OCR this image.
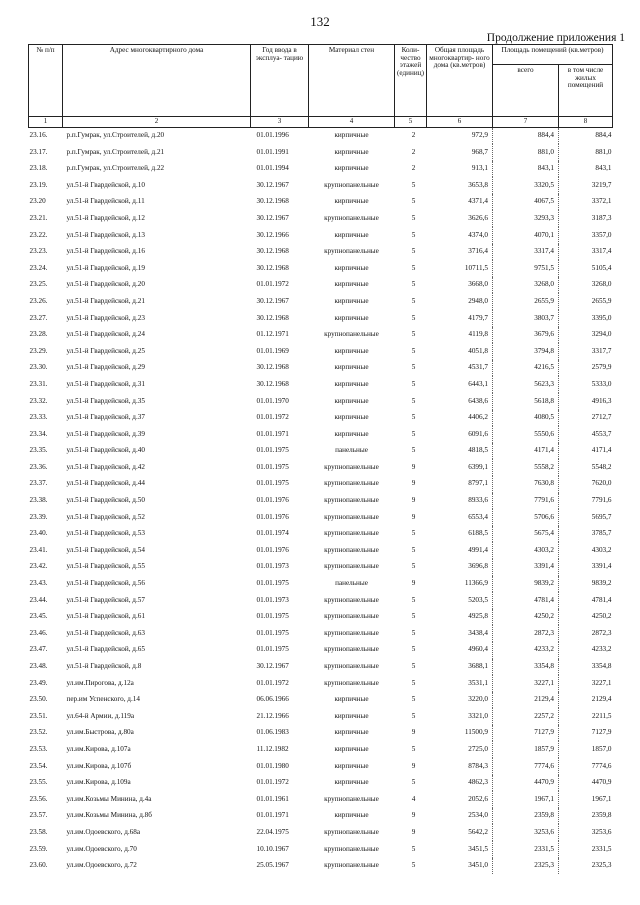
132
Продолжение приложения 1
№ п/п	Адрес многоквартирного дома	Год ввода в эксплуа- тацию	Материал стен	Коли- чество этажей (единиц)	Общая площадь многоквартир- ного дома (кв.метров)	Площадь помещений (кв.метров)	
						всего	в том числе жилых помещений
1	2	3	4	5	6	7	8
23.16.	р.п.Гумрак, ул.Строителей, д.20	01.01.1996	кирпичные	2	972,9	884,4	884,4
23.17.	р.п.Гумрак, ул.Строителей, д.21	01.01.1991	кирпичные	2	968,7	881,0	881,0
23.18.	р.п.Гумрак, ул.Строителей, д.22	01.01.1994	кирпичные	2	913,1	843,1	843,1
23.19.	ул.51-й Гвардейской, д.10	30.12.1967	крупнопанельные	5	3653,8	3320,5	3219,7
23.20	ул.51-й Гвардейской, д.11	30.12.1968	кирпичные	5	4371,4	4067,5	3372,1
23.21.	ул.51-й Гвардейской, д.12	30.12.1967	крупнопанельные	5	3626,6	3293,3	3187,3
23.22.	ул.51-й Гвардейской, д.13	30.12.1966	кирпичные	5	4374,0	4070,1	3357,0
23.23.	ул.51-й Гвардейской, д.16	30.12.1968	крупнопанельные	5	3716,4	3317,4	3317,4
23.24.	ул.51-й Гвардейской, д.19	30.12.1968	кирпичные	5	10711,5	9751,5	5105,4
23.25.	ул.51-й Гвардейской, д.20	01.01.1972	кирпичные	5	3668,0	3268,0	3268,0
23.26.	ул.51-й Гвардейской, д.21	30.12.1967	кирпичные	5	2948,0	2655,9	2655,9
23.27.	ул.51-й Гвардейской, д.23	30.12.1968	кирпичные	5	4179,7	3803,7	3395,0
23.28.	ул.51-й Гвардейской, д.24	01.12.1971	крупнопанельные	5	4119,8	3679,6	3294,0
23.29.	ул.51-й Гвардейской, д.25	01.01.1969	кирпичные	5	4051,8	3794,8	3317,7
23.30.	ул.51-й Гвардейской, д.29	30.12.1968	кирпичные	5	4531,7	4216,5	2579,9
23.31.	ул.51-й Гвардейской, д.31	30.12.1968	кирпичные	5	6443,1	5623,3	5333,0
23.32.	ул.51-й Гвардейской, д.35	01.01.1970	кирпичные	5	6438,6	5618,8	4916,3
23.33.	ул.51-й Гвардейской, д.37	01.01.1972	кирпичные	5	4406,2	4080,5	2712,7
23.34.	ул.51-й Гвардейской, д.39	01.01.1971	кирпичные	5	6091,6	5550,6	4553,7
23.35.	ул.51-й Гвардейской, д.40	01.01.1975	панельные	5	4818,5	4171,4	4171,4
23.36.	ул.51-й Гвардейской, д.42	01.01.1975	крупнопанельные	9	6399,1	5558,2	5548,2
23.37.	ул.51-й Гвардейской, д.44	01.01.1975	крупнопанельные	9	8797,1	7630,8	7620,0
23.38.	ул.51-й Гвардейской, д.50	01.01.1976	крупнопанельные	9	8933,6	7791,6	7791,6
23.39.	ул.51-й Гвардейской, д.52	01.01.1976	крупнопанельные	9	6553,4	5706,6	5695,7
23.40.	ул.51-й Гвардейской, д.53	01.01.1974	крупнопанельные	5	6188,5	5675,4	3785,7
23.41.	ул.51-й Гвардейской, д.54	01.01.1976	крупнопанельные	5	4991,4	4303,2	4303,2
23.42.	ул.51-й Гвардейской, д.55	01.01.1973	крупнопанельные	5	3696,8	3391,4	3391,4
23.43.	ул.51-й Гвардейской, д.56	01.01.1975	панельные	9	11366,9	9839,2	9839,2
23.44.	ул.51-й Гвардейской, д.57	01.01.1973	крупнопанельные	5	5203,5	4781,4	4781,4
23.45.	ул.51-й Гвардейской, д.61	01.01.1975	крупнопанельные	5	4925,8	4250,2	4250,2
23.46.	ул.51-й Гвардейской, д.63	01.01.1975	крупнопанельные	5	3438,4	2872,3	2872,3
23.47.	ул.51-й Гвардейской, д.65	01.01.1975	крупнопанельные	5	4960,4	4233,2	4233,2
23.48.	ул.51-й Гвардейской, д.8	30.12.1967	крупнопанельные	5	3688,1	3354,8	3354,8
23.49.	ул.им.Пирогова, д.12а	01.01.1972	крупнопанельные	5	3531,1	3227,1	3227,1
23.50.	пер.им Успенского, д.14	06.06.1966	кирпичные	5	3220,0	2129,4	2129,4
23.51.	ул.64-й Армии, д.119а	21.12.1966	кирпичные	5	3321,0	2257,2	2211,5
23.52.	ул.им.Быстрова, д.80а	01.06.1983	кирпичные	9	11500,9	7127,9	7127,9
23.53.	ул.им.Кирова, д.107а	11.12.1982	кирпичные	5	2725,0	1857,9	1857,0
23.54.	ул.им.Кирова, д.107б	01.01.1980	кирпичные	9	8784,3	7774,6	7774,6
23.55.	ул.им.Кирова, д.109а	01.01.1972	кирпичные	5	4862,3	4470,9	4470,9
23.56.	ул.им.Козьмы Минина, д.4а	01.01.1961	крупнопанельные	4	2052,6	1967,1	1967,1
23.57.	ул.им.Козьмы Минина, д.8б	01.01.1971	кирпичные	9	2534,0	2359,8	2359,8
23.58.	ул.им.Одоевского, д.68а	22.04.1975	крупнопанельные	9	5642,2	3253,6	3253,6
23.59.	ул.им.Одоевского, д.70	10.10.1967	крупнопанельные	5	3451,5	2331,5	2331,5
23.60.	ул.им.Одоевского, д.72	25.05.1967	крупнопанельные	5	3451,0	2325,3	2325,3
